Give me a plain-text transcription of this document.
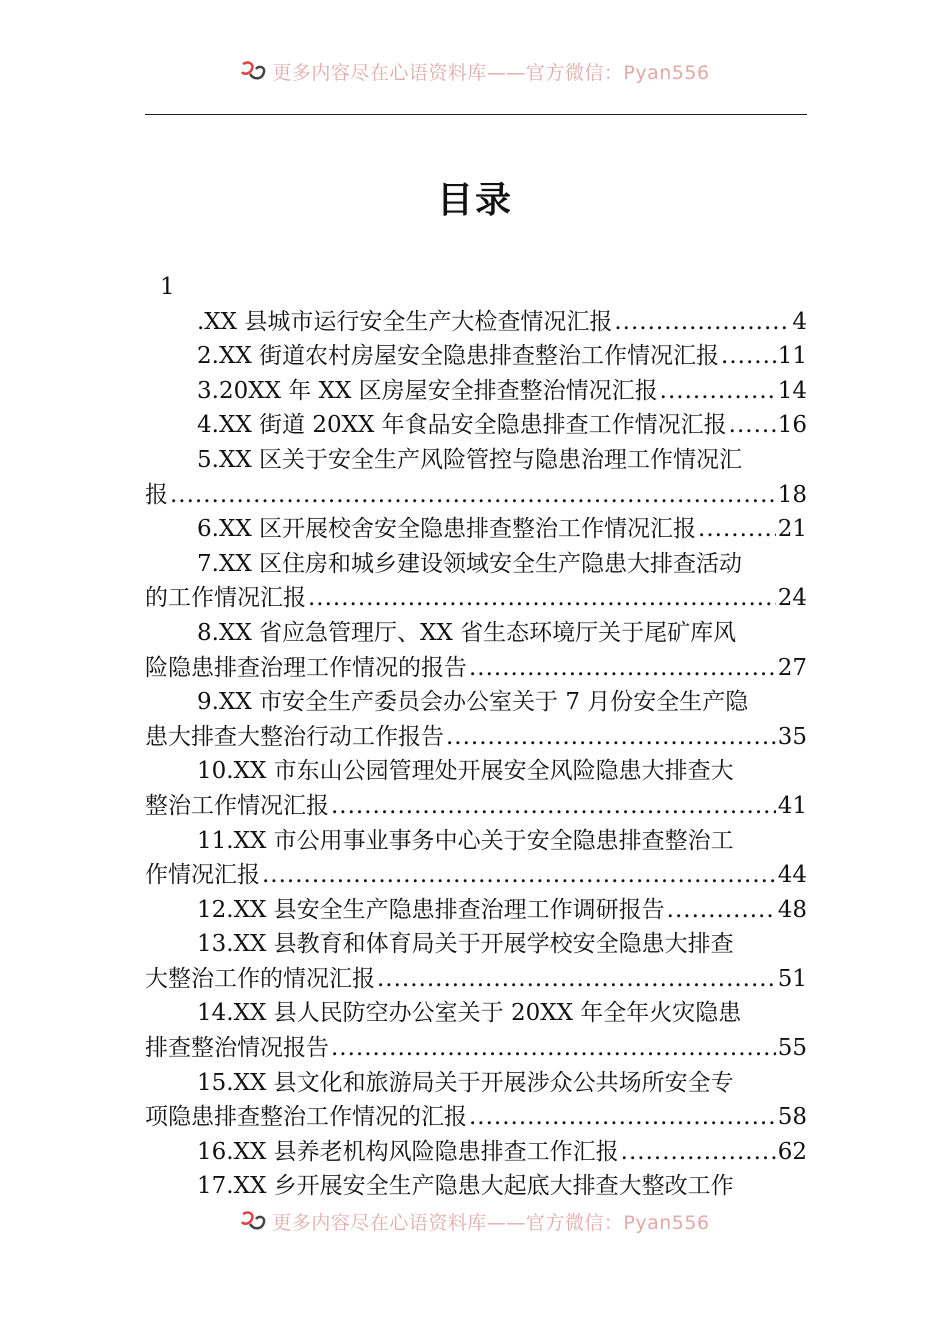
更多内容尽在心语资料库——官方微信：Pyan556
目录
1
.XX 县城市运行安全生产大检查情况汇报 .....	4
2.XX 街道农村房屋安全隐患排查整治工作情况汇报 .....	11
3.20XX 年 XX 区房屋安全排查整治情况汇报 .....	14
4.XX 街道 20XX 年食品安全隐患排查工作情况汇报 ..... 16
5.XX 区关于安全生产风险管控与隐患治理工作情况汇
报 .....	18
6.XX 区开展校舍安全隐患排查整治工作情况汇报 .....	21
7.XX 区住房和城乡建设领域安全生产隐患大排查活动
的工作情况汇报 .....	24
8.XX 省应急管理厅、XX 省生态环境厅关于尾矿库风
险隐患排查治理工作情况的报告 .....	27
9.XX 市安全生产委员会办公室关于 7 月份安全生产隐
患大排查大整治行动工作报告 .....	35
10.XX 市东山公园管理处开展安全风险隐患大排查大
整治工作情况汇报 .....	41
11.XX 市公用事业事务中心关于安全隐患排查整治工
作情况汇报 .....	44
12.XX 县安全生产隐患排查治理工作调研报告 .....	48
13.XX 县教育和体育局关于开展学校安全隐患大排查
大整治工作的情况汇报 .....	51
14.XX 县人民防空办公室关于 20XX 年全年火灾隐患
排查整治情况报告 .....	55
15.XX 县文化和旅游局关于开展涉众公共场所安全专
项隐患排查整治工作情况的汇报 .....	58
16.XX 县养老机构风险隐患排查工作汇报 .....	62
17.XX 乡开展安全生产隐患大起底大排查大整改工作
更多内容尽在心语资料库——官方微信：Pyan556
